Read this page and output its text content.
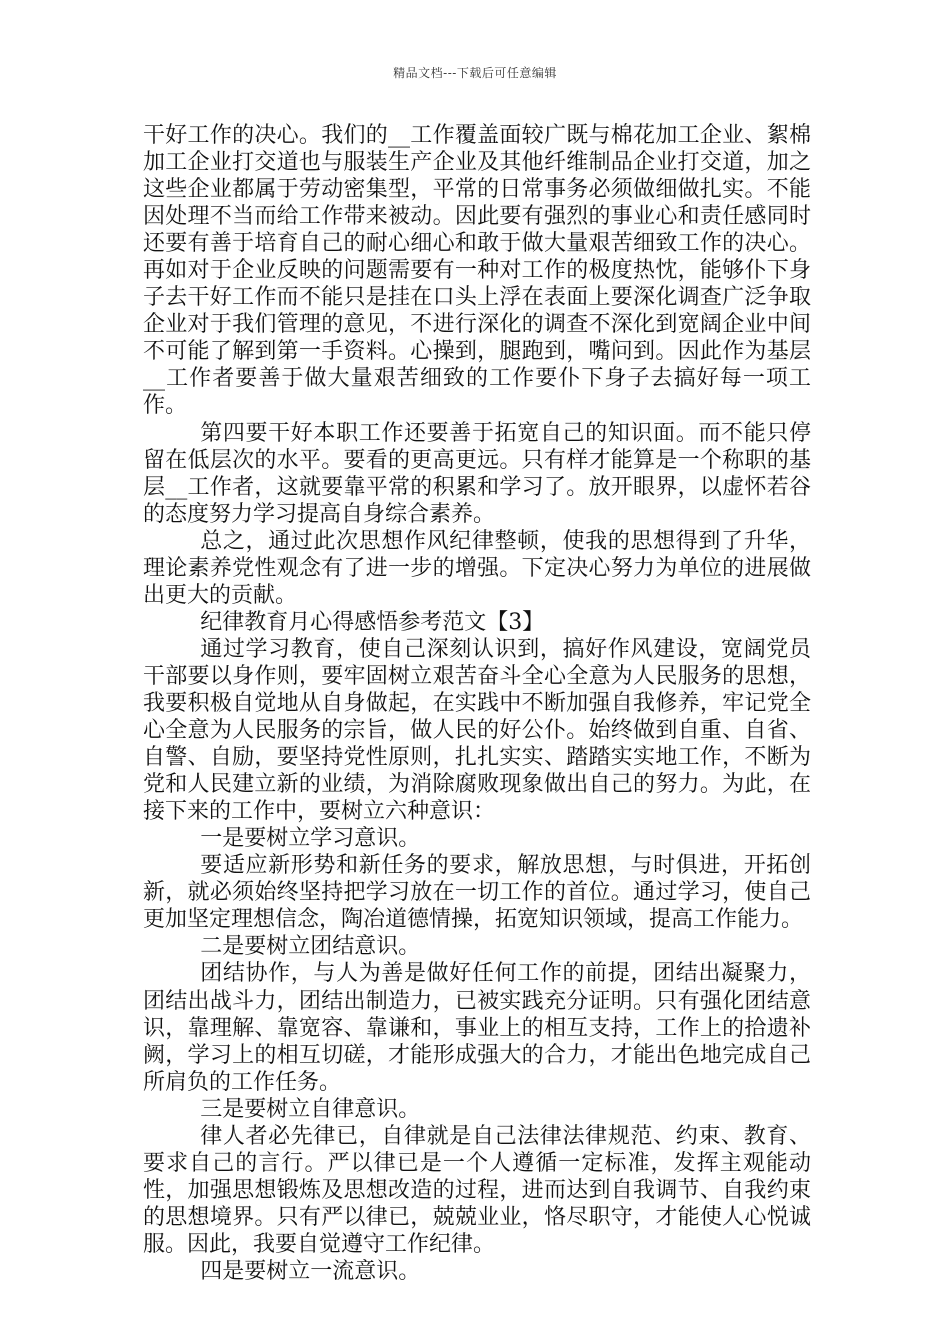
精品文档---下载后可任意编辑

干好工作的决心。我们的__工作覆盖面较广既与棉花加工企业、絮棉加工企业打交道也与服装生产企业及其他纤维制品企业打交道，加之这些企业都属于劳动密集型，平常的日常事务必须做细做扎实。不能因处理不当而给工作带来被动。因此要有强烈的事业心和责任感同时还要有善于培育自己的耐心细心和敢于做大量艰苦细致工作的决心。再如对于企业反映的问题需要有一种对工作的极度热忱，能够仆下身子去干好工作而不能只是挂在口头上浮在表面上要深化调查广泛争取企业对于我们管理的意见，不进行深化的调查不深化到宽阔企业中间不可能了解到第一手资料。心操到，腿跑到，嘴问到。因此作为基层__工作者要善于做大量艰苦细致的工作要仆下身子去搞好每一项工作。

第四要干好本职工作还要善于拓宽自己的知识面。而不能只停留在低层次的水平。要看的更高更远。只有样才能算是一个称职的基层__工作者，这就要靠平常的积累和学习了。放开眼界，以虚怀若谷的态度努力学习提高自身综合素养。

总之，通过此次思想作风纪律整顿，使我的思想得到了升华，理论素养党性观念有了进一步的增强。下定决心努力为单位的进展做出更大的贡献。

纪律教育月心得感悟参考范文【3】

通过学习教育，使自己深刻认识到，搞好作风建设，宽阔党员干部要以身作则，要牢固树立艰苦奋斗全心全意为人民服务的思想，我要积极自觉地从自身做起，在实践中不断加强自我修养，牢记党全心全意为人民服务的宗旨，做人民的好公仆。始终做到自重、自省、自警、自励，要坚持党性原则，扎扎实实、踏踏实实地工作，不断为党和人民建立新的业绩，为消除腐败现象做出自己的努力。为此，在接下来的工作中，要树立六种意识：

一是要树立学习意识。

要适应新形势和新任务的要求，解放思想，与时俱进，开拓创新，就必须始终坚持把学习放在一切工作的首位。通过学习，使自己更加坚定理想信念，陶冶道德情操，拓宽知识领域，提高工作能力。

二是要树立团结意识。

团结协作，与人为善是做好任何工作的前提，团结出凝聚力，团结出战斗力，团结出制造力，已被实践充分证明。只有强化团结意识，靠理解、靠宽容、靠谦和，事业上的相互支持，工作上的拾遗补阙，学习上的相互切磋，才能形成强大的合力，才能出色地完成自己所肩负的工作任务。

三是要树立自律意识。

律人者必先律已，自律就是自己法律法律规范、约束、教育、要求自己的言行。严以律已是一个人遵循一定标准，发挥主观能动性，加强思想锻炼及思想改造的过程，进而达到自我调节、自我约束的思想境界。只有严以律已，兢兢业业，恪尽职守，才能使人心悦诚服。因此，我要自觉遵守工作纪律。

四是要树立一流意识。
